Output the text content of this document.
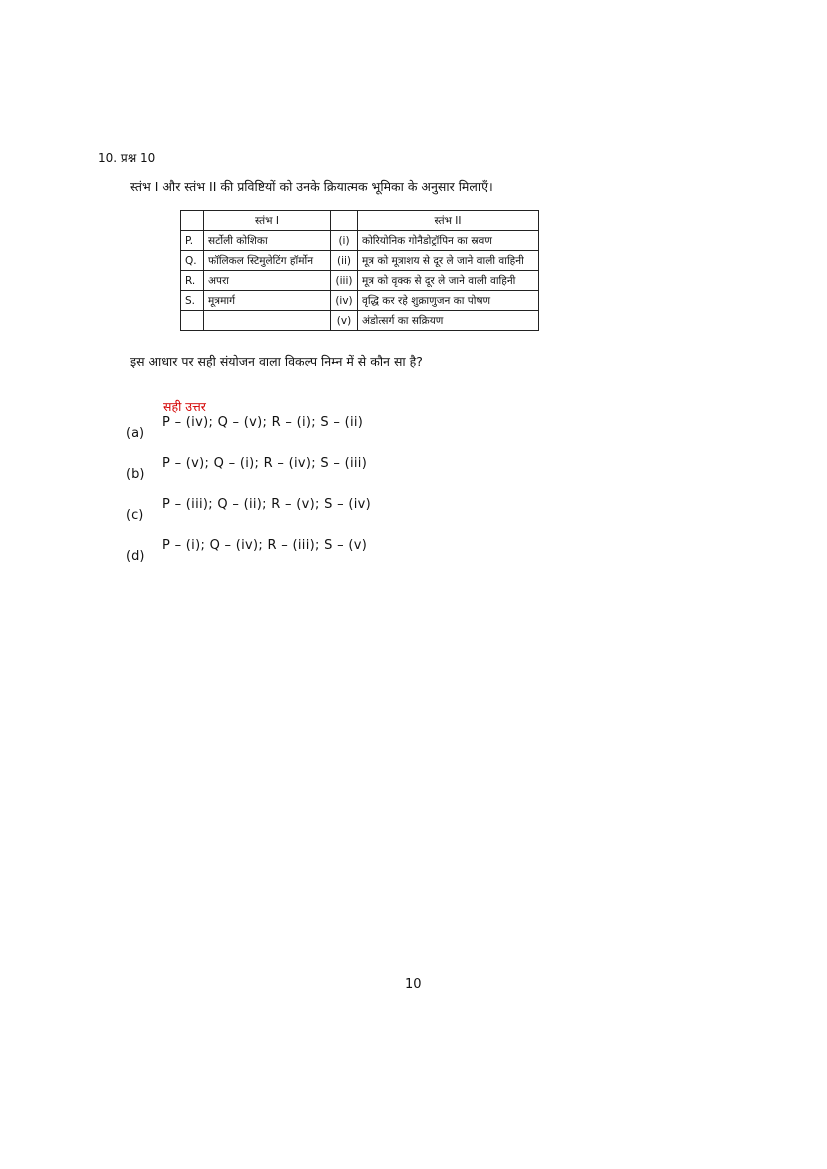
10. प्रश्न 10
स्तंभ I और स्तंभ II की प्रविष्टियों को उनके क्रियात्मक भूमिका के अनुसार मिलाएँ।
	स्तंभ I		स्तंभ II
P.	सर्टोली कोशिका	(i)	कोरियोनिक गोनैडोट्रॉपिन का स्रवण
Q.	फॉलिकल स्टिमुलेटिंग हॉर्मोन	(ii)	मूत्र को मूत्राशय से दूर ले जाने वाली वाहिनी
R.	अपरा	(iii)	मूत्र को वृक्क से दूर ले जाने वाली वाहिनी
S.	मूत्रमार्ग	(iv)	वृद्धि कर रहे शुक्राणुजन का पोषण
		(v)	अंडोत्सर्ग का सक्रियण
इस आधार पर सही संयोजन वाला विकल्प निम्न में से कौन सा है?
सही उत्तर
(a)
P – (iv); Q – (v); R – (i); S – (ii)
(b)
P – (v); Q – (i); R – (iv); S – (iii)
(c)
P – (iii); Q – (ii); R – (v); S – (iv)
(d)
P – (i); Q – (iv); R – (iii); S – (v)
10
